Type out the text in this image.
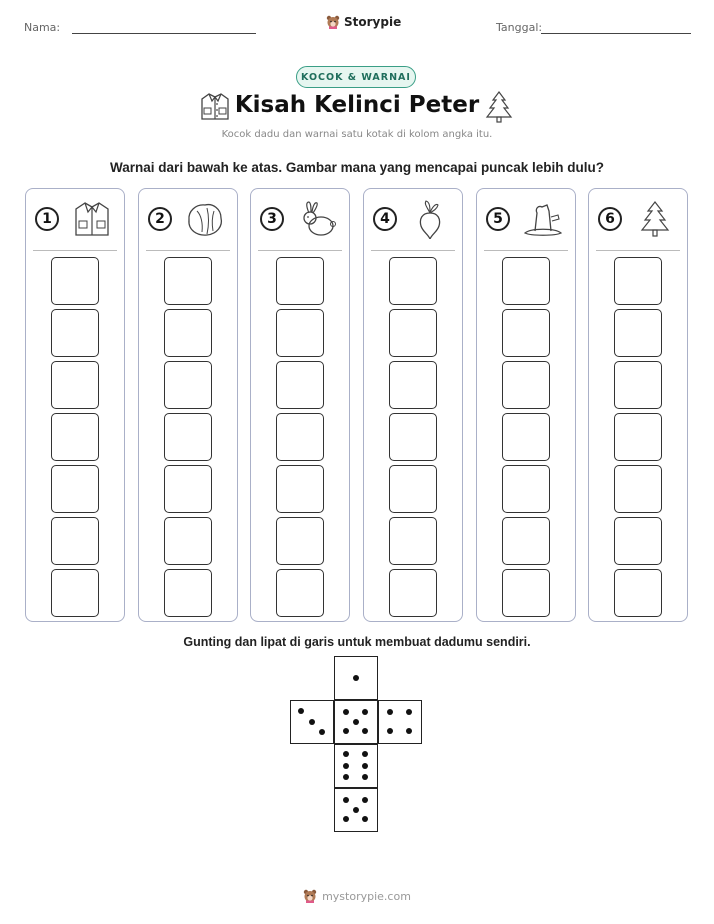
Nama:	Storypie	Tanggal:
KOCOK & WARNAI
Kisah Kelinci Peter
Kocok dadu dan warnai satu kotak di kolom angka itu.
Warnai dari bawah ke atas. Gambar mana yang mencapai puncak lebih dulu?
1	2	3	4	5	6
Gunting dan lipat di garis untuk membuat dadumu sendiri.
mystorypie.com
